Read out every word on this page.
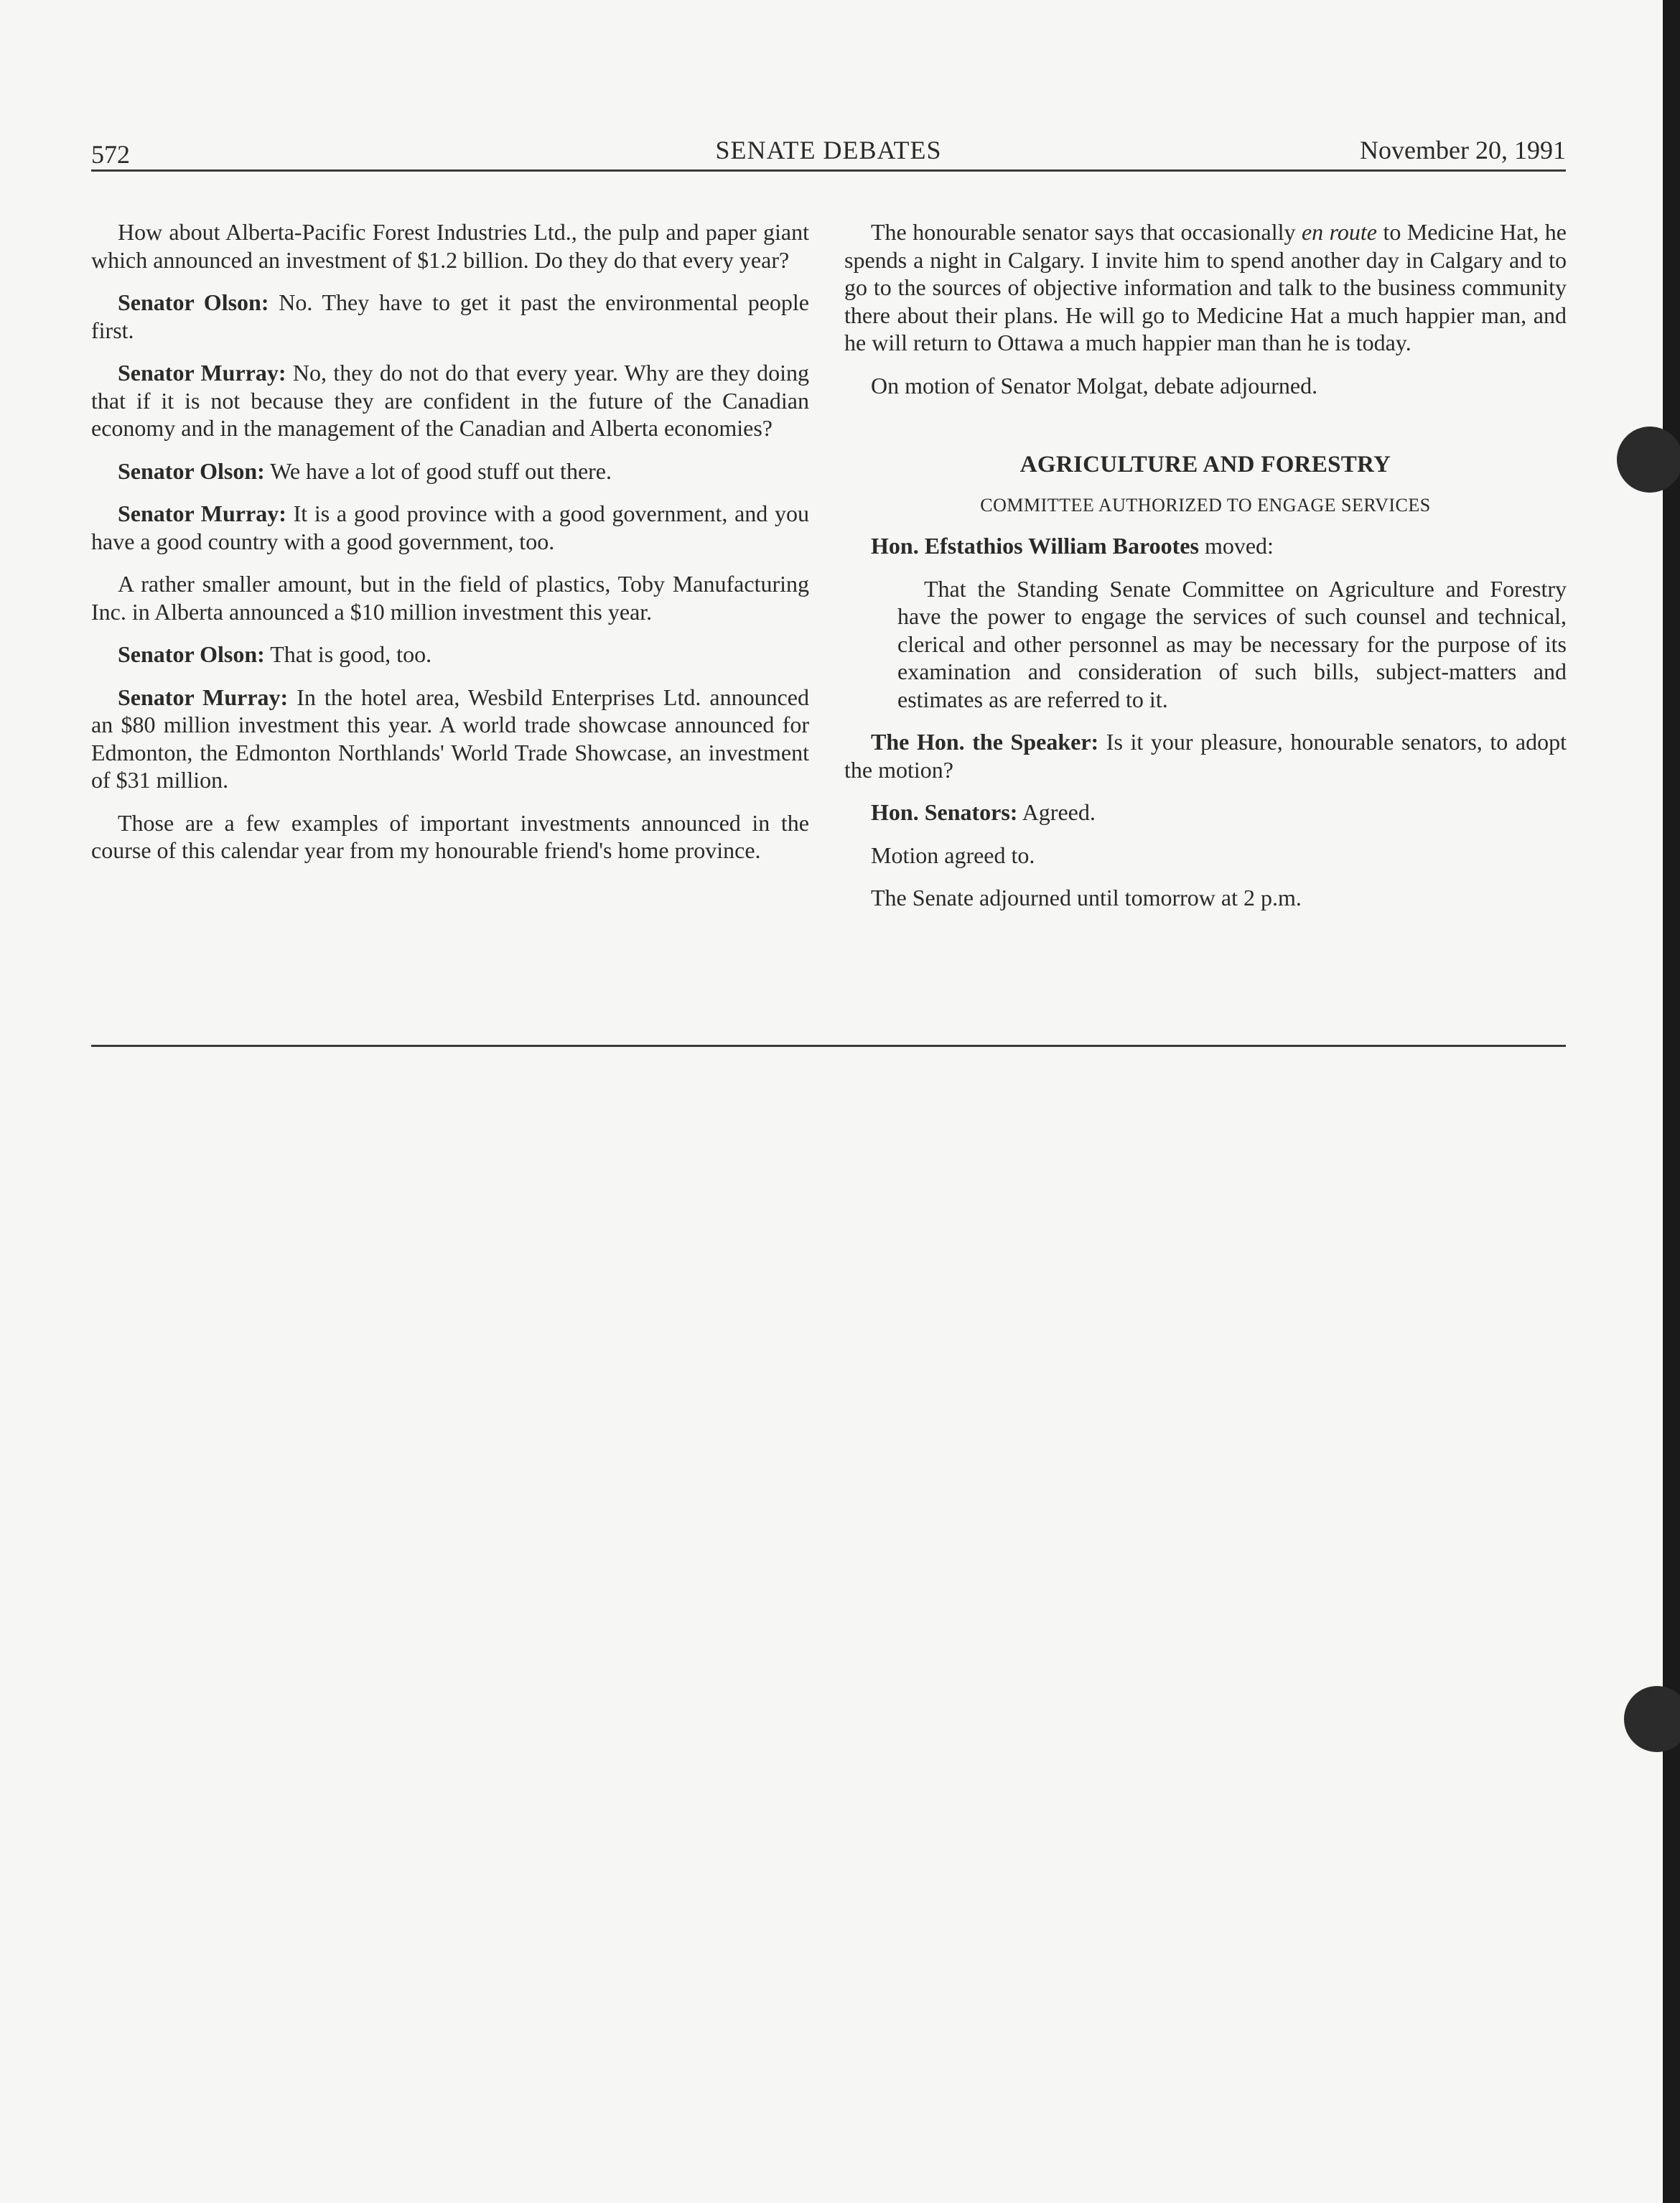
572	SENATE DEBATES	November 20, 1991

How about Alberta-Pacific Forest Industries Ltd., the pulp and paper giant which announced an investment of $1.2 billion. Do they do that every year?

Senator Olson: No. They have to get it past the environmental people first.

Senator Murray: No, they do not do that every year. Why are they doing that if it is not because they are confident in the future of the Canadian economy and in the management of the Canadian and Alberta economies?

Senator Olson: We have a lot of good stuff out there.

Senator Murray: It is a good province with a good government, and you have a good country with a good government, too.

A rather smaller amount, but in the field of plastics, Toby Manufacturing Inc. in Alberta announced a $10 million investment this year.

Senator Olson: That is good, too.

Senator Murray: In the hotel area, Wesbild Enterprises Ltd. announced an $80 million investment this year. A world trade showcase announced for Edmonton, the Edmonton Northlands' World Trade Showcase, an investment of $31 million.

Those are a few examples of important investments announced in the course of this calendar year from my honourable friend's home province.

The honourable senator says that occasionally en route to Medicine Hat, he spends a night in Calgary. I invite him to spend another day in Calgary and to go to the sources of objective information and talk to the business community there about their plans. He will go to Medicine Hat a much happier man, and he will return to Ottawa a much happier man than he is today.

On motion of Senator Molgat, debate adjourned.

AGRICULTURE AND FORESTRY
COMMITTEE AUTHORIZED TO ENGAGE SERVICES

Hon. Efstathios William Barootes moved:

That the Standing Senate Committee on Agriculture and Forestry have the power to engage the services of such counsel and technical, clerical and other personnel as may be necessary for the purpose of its examination and consideration of such bills, subject-matters and estimates as are referred to it.

The Hon. the Speaker: Is it your pleasure, honourable senators, to adopt the motion?

Hon. Senators: Agreed.

Motion agreed to.

The Senate adjourned until tomorrow at 2 p.m.
